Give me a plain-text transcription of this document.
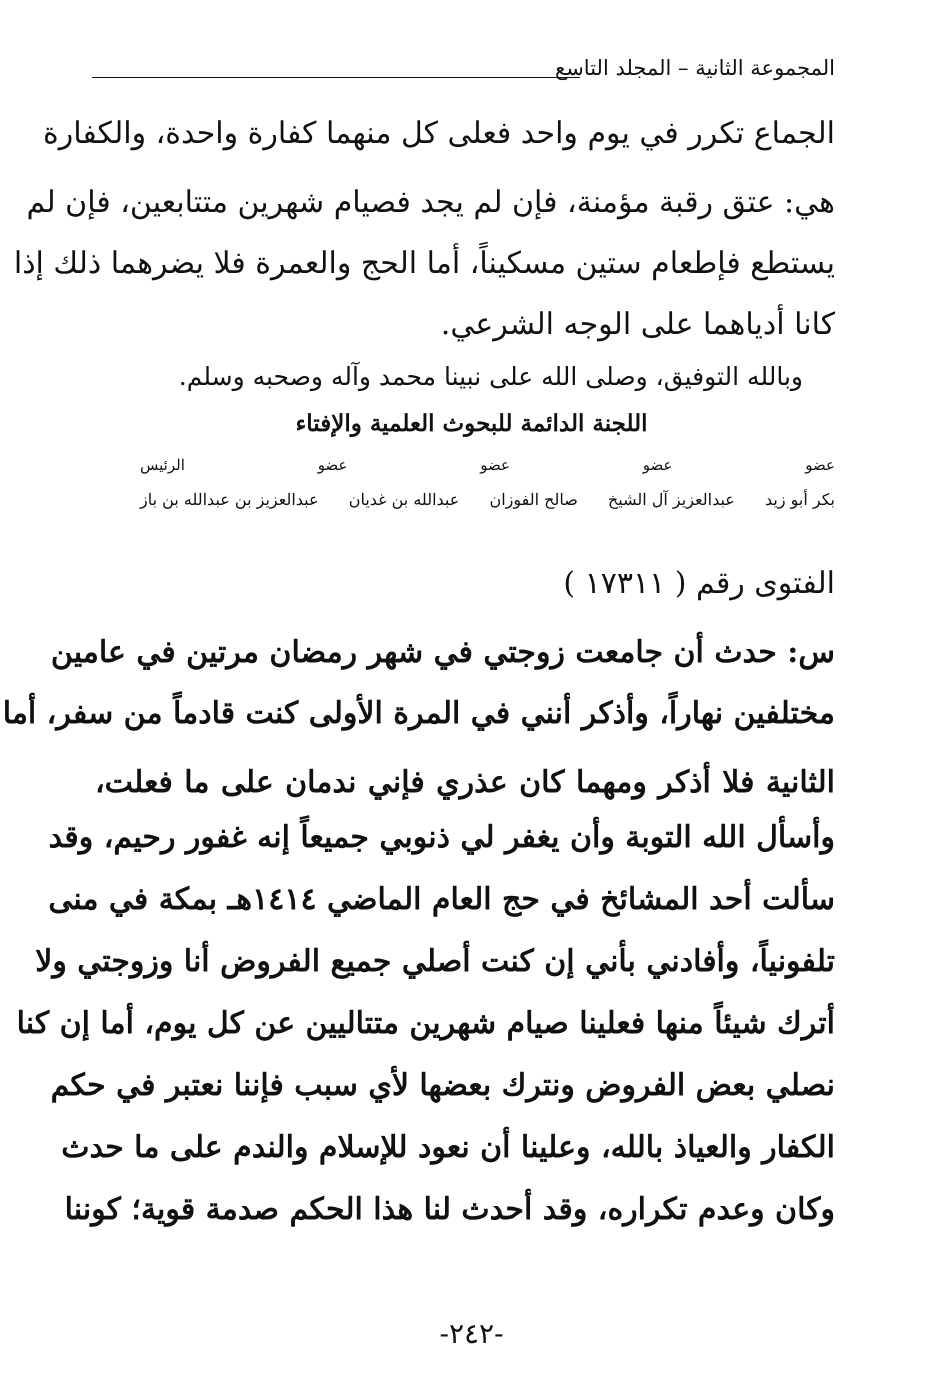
المجموعة الثانية – المجلد التاسع
الجماع تكرر في يوم واحد فعلى كل منهما كفارة واحدة، والكفارة
هي: عتق رقبة مؤمنة، فإن لم يجد فصيام شهرين متتابعين، فإن لم
يستطع فإطعام ستين مسكيناً، أما الحج والعمرة فلا يضرهما ذلك إذا
كانا أدياهما على الوجه الشرعي.
وبالله التوفيق، وصلى الله على نبينا محمد وآله وصحبه وسلم.
اللجنة الدائمة للبحوث العلمية والإفتاء
عضو
عضو
عضو
عضو
الرئيس
بكر أبو زيد
عبدالعزيز آل الشيخ
صالح الفوزان
عبدالله بن غديان
عبدالعزيز بن عبدالله بن باز
الفتوى رقم ( ١٧٣١١ )
س: حدث أن جامعت زوجتي في شهر رمضان مرتين في عامين
مختلفين نهاراً، وأذكر أنني في المرة الأولى كنت قادماً من سفر، أما
الثانية فلا أذكر ومهما كان عذري فإني ندمان على ما فعلت،
وأسأل الله التوبة وأن يغفر لي ذنوبي جميعاً إنه غفور رحيم، وقد
سألت أحد المشائخ في حج العام الماضي ١٤١٤هـ بمكة في منى
تلفونياً، وأفادني بأني إن كنت أصلي جميع الفروض أنا وزوجتي ولا
أترك شيئاً منها فعلينا صيام شهرين متتاليين عن كل يوم، أما إن كنا
نصلي بعض الفروض ونترك بعضها لأي سبب فإننا نعتبر في حكم
الكفار والعياذ بالله، وعلينا أن نعود للإسلام والندم على ما حدث
وكان وعدم تكراره، وقد أحدث لنا هذا الحكم صدمة قوية؛ كوننا
-٢٤٢-
